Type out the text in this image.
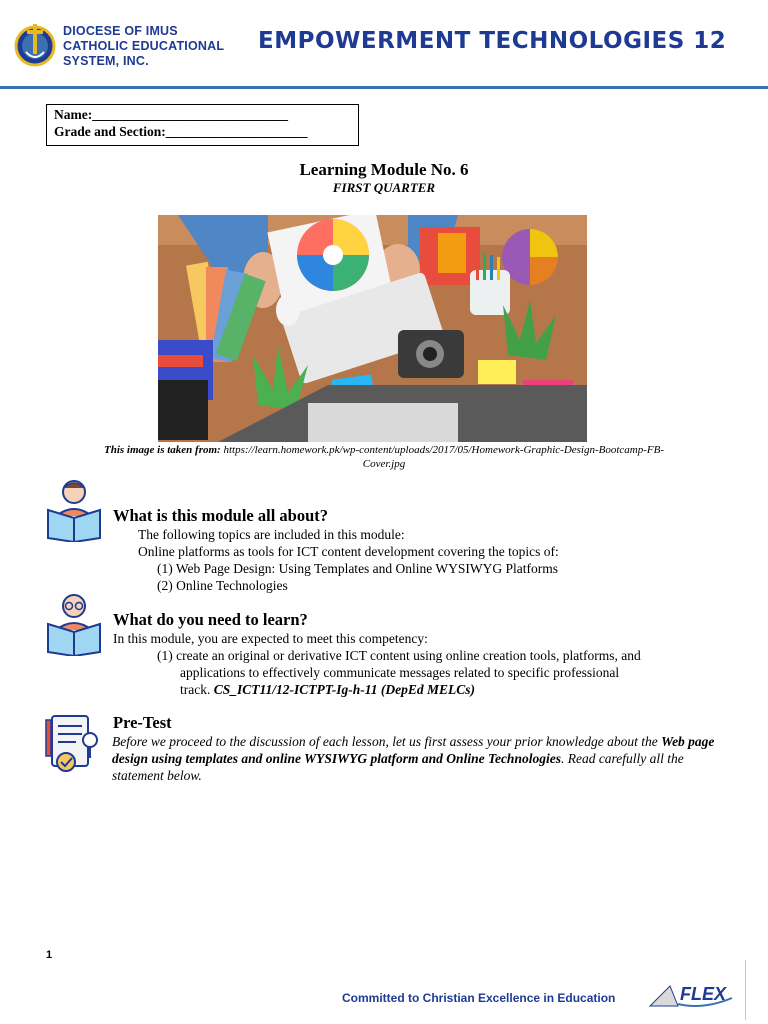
DIOCESE OF IMUS
CATHOLIC EDUCATIONAL
SYSTEM, INC.
EMPOWERMENT TECHNOLOGIES 12
Name:_____________________________
Grade and Section:_____________________
Learning Module No. 6
FIRST QUARTER
This image is taken from: https://learn.homework.pk/wp-content/uploads/2017/05/Homework-Graphic-Design-Bootcamp-FB-
Cover.jpg
What is this module all about?
The following topics are included in this module:
Online platforms as tools for ICT content development covering the topics of:
(1) Web Page Design: Using Templates and Online WYSIWYG Platforms
(2) Online Technologies
What do you need to learn?
In this module, you are expected to meet this competency:
(1) create an original or derivative ICT content using online creation tools, platforms, and
applications to effectively communicate messages related to specific professional
track. CS_ICT11/12-ICTPT-Ig-h-11 (DepEd MELCs)
Pre-Test
Before we proceed to the discussion of each lesson, let us first assess your prior knowledge about the Web page design using templates and online WYSIWYG platform and Online Technologies. Read carefully all the statement below.
1
Committed to Christian Excellence in Education	FLEX
